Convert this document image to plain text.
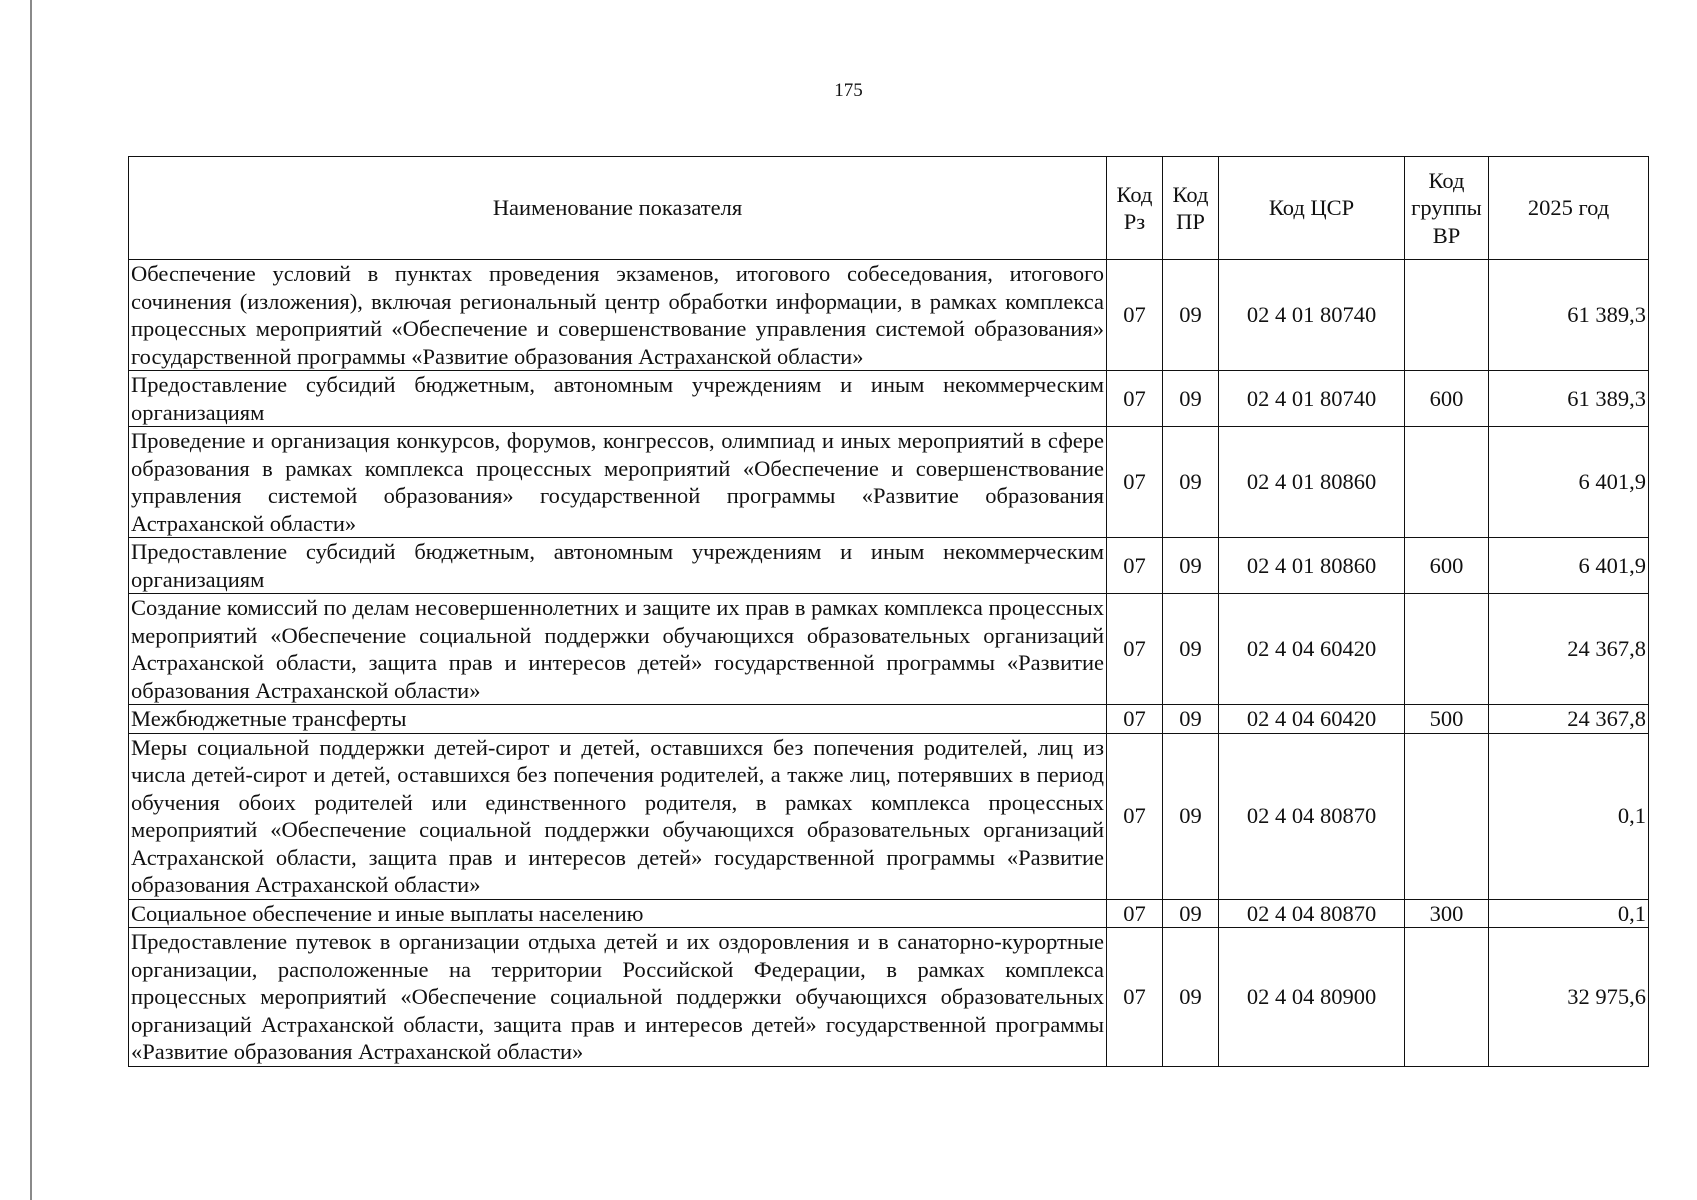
175
Наименование показателя	Код Рз	Код ПР	Код ЦСР	Код группы ВР	2025 год
Обеспечение условий в пунктах проведения экзаменов, итогового собеседования, итогового сочинения (изложения), включая региональный центр обработки информации, в рамках комплекса процессных мероприятий «Обеспечение и совершенствование управления системой образования» государственной программы «Развитие образования Астраханской области»	07	09	02 4 01 80740		61 389,3
Предоставление субсидий бюджетным, автономным учреждениям и иным некоммерческим организациям	07	09	02 4 01 80740	600	61 389,3
Проведение и организация конкурсов, форумов, конгрессов, олимпиад и иных мероприятий в сфере образования в рамках комплекса процессных мероприятий «Обеспечение и совершенствование управления системой образования» государственной программы «Развитие образования Астраханской области»	07	09	02 4 01 80860		6 401,9
Предоставление субсидий бюджетным, автономным учреждениям и иным некоммерческим организациям	07	09	02 4 01 80860	600	6 401,9
Создание комиссий по делам несовершеннолетних и защите их прав в рамках комплекса процессных мероприятий «Обеспечение социальной поддержки обучающихся образовательных организаций Астраханской области, защита прав и интересов детей» государственной программы «Развитие образования Астраханской области»	07	09	02 4 04 60420		24 367,8
Межбюджетные трансферты	07	09	02 4 04 60420	500	24 367,8
Меры социальной поддержки детей-сирот и детей, оставшихся без попечения родителей, лиц из числа детей-сирот и детей, оставшихся без попечения родителей, а также лиц, потерявших в период обучения обоих родителей или единственного родителя, в рамках комплекса процессных мероприятий «Обеспечение социальной поддержки обучающихся образовательных организаций Астраханской области, защита прав и интересов детей» государственной программы «Развитие образования Астраханской области»	07	09	02 4 04 80870		0,1
Социальное обеспечение и иные выплаты населению	07	09	02 4 04 80870	300	0,1
Предоставление путевок в организации отдыха детей и их оздоровления и в санаторно-курортные организации, расположенные на территории Российской Федерации, в рамках комплекса процессных мероприятий «Обеспечение социальной поддержки обучающихся образовательных организаций Астраханской области, защита прав и интересов детей» государственной программы «Развитие образования Астраханской области»	07	09	02 4 04 80900		32 975,6
